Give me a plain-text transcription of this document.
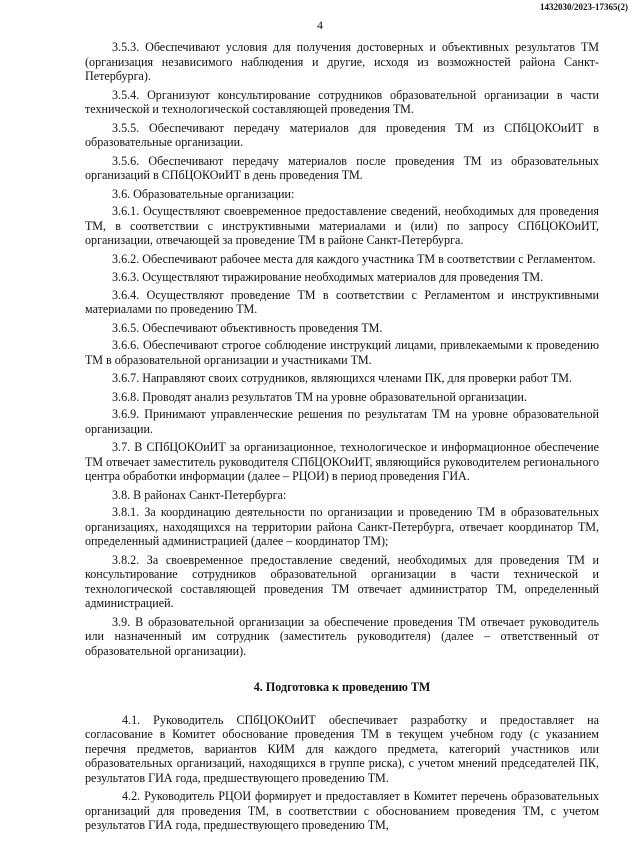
1432030/2023-17365(2)
4

3.5.3. Обеспечивают условия для получения достоверных и объективных результатов ТМ (организация независимого наблюдения и другие, исходя из возможностей района Санкт-Петербурга).

3.5.4. Организуют консультирование сотрудников образовательной организации в части технической и технологической составляющей проведения ТМ.

3.5.5. Обеспечивают передачу материалов для проведения ТМ из СПбЦОКОиИТ в образовательные организации.

3.5.6. Обеспечивают передачу материалов после проведения ТМ из образовательных организаций в СПбЦОКОиИТ в день проведения ТМ.

3.6. Образовательные организации:

3.6.1. Осуществляют своевременное предоставление сведений, необходимых для проведения ТМ, в соответствии с инструктивными материалами и (или) по запросу СПбЦОКОиИТ, организации, отвечающей за проведение ТМ в районе Санкт-Петербурга.

3.6.2. Обеспечивают рабочее места для каждого участника ТМ в соответствии с Регламентом.

3.6.3. Осуществляют тиражирование необходимых материалов для проведения ТМ.

3.6.4. Осуществляют проведение ТМ в соответствии с Регламентом и инструктивными материалами по проведению ТМ.

3.6.5. Обеспечивают объективность проведения ТМ.

3.6.6. Обеспечивают строгое соблюдение инструкций лицами, привлекаемыми к проведению ТМ в образовательной организации и участниками ТМ.

3.6.7. Направляют своих сотрудников, являющихся членами ПК, для проверки работ ТМ.

3.6.8. Проводят анализ результатов ТМ на уровне образовательной организации.

3.6.9. Принимают управленческие решения по результатам ТМ на уровне образовательной организации.

3.7. В СПбЦОКОиИТ за организационное, технологическое и информационное обеспечение ТМ отвечает заместитель руководителя СПбЦОКОиИТ, являющийся руководителем регионального центра обработки информации (далее – РЦОИ) в период проведения ГИА.

3.8. В районах Санкт-Петербурга:

3.8.1. За координацию деятельности по организации и проведению ТМ в образовательных организациях, находящихся на территории района Санкт-Петербурга, отвечает координатор ТМ, определенный администрацией (далее – координатор ТМ);

3.8.2. За своевременное предоставление сведений, необходимых для проведения ТМ и консультирование сотрудников образовательной организации в части технической и технологической составляющей проведения ТМ отвечает администратор ТМ, определенный администрацией.

3.9. В образовательной организации за обеспечение проведения ТМ отвечает руководитель или назначенный им сотрудник (заместитель руководителя) (далее – ответственный от образовательной организации).

4. Подготовка к проведению ТМ

4.1. Руководитель СПбЦОКОиИТ обеспечивает разработку и предоставляет на согласование в Комитет обоснование проведения ТМ в текущем учебном году (с указанием перечня предметов, вариантов КИМ для каждого предмета, категорий участников или образовательных организаций, находящихся в группе риска), с учетом мнений председателей ПК, результатов ГИА года, предшествующего проведению ТМ.

4.2. Руководитель РЦОИ формирует и предоставляет в Комитет перечень образовательных организаций для проведения ТМ, в соответствии с обоснованием проведения ТМ, с учетом результатов ГИА года, предшествующего проведению ТМ,
